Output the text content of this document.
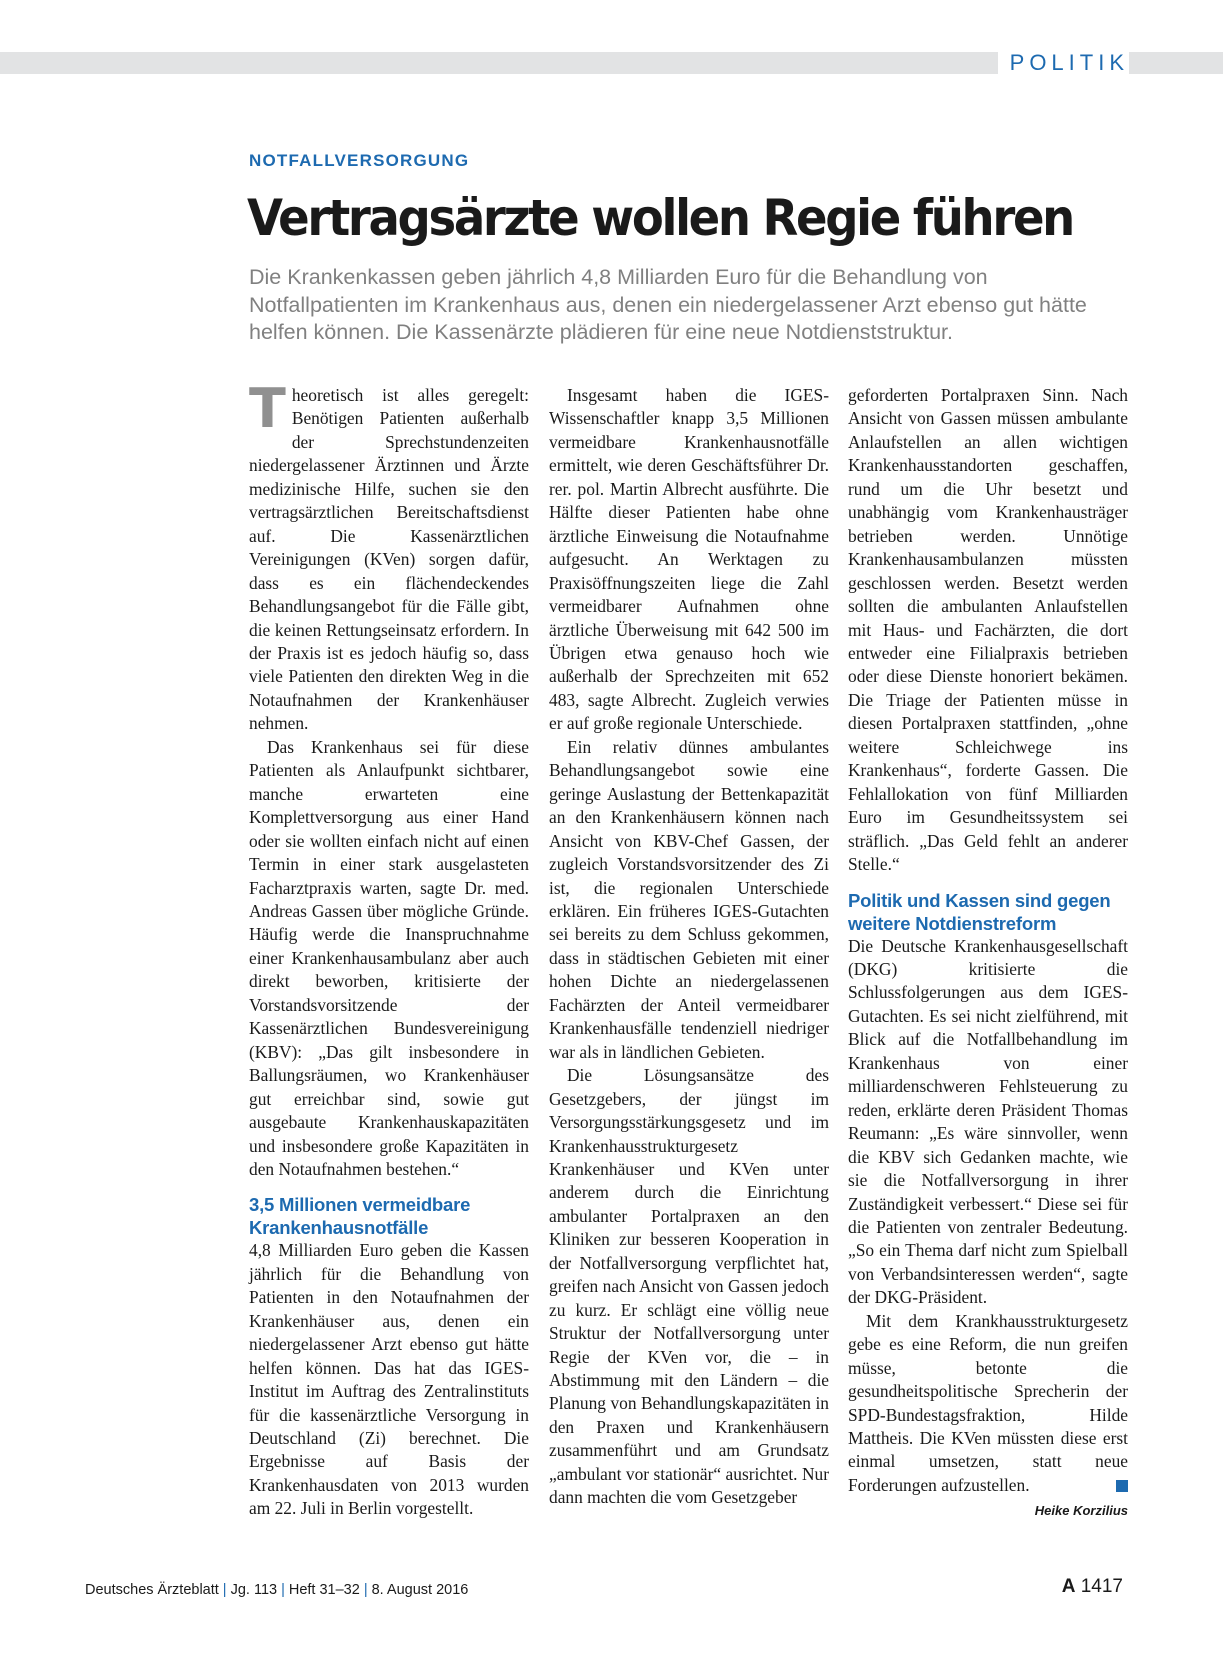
POLITIK
NOTFALLVERSORGUNG
Vertragsärzte wollen Regie führen
Die Krankenkassen geben jährlich 4,8 Milliarden Euro für die Behandlung von Notfallpatienten im Krankenhaus aus, denen ein niedergelassener Arzt ebenso gut hätte helfen können. Die Kassenärzte plädieren für eine neue Notdienststruktur.

Theoretisch ist alles geregelt: Benötigen Patienten außerhalb der Sprechstundenzeiten niedergelassener Ärztinnen und Ärzte medizinische Hilfe, suchen sie den vertragsärztlichen Bereitschaftsdienst auf. Die Kassenärztlichen Vereinigungen (KVen) sorgen dafür, dass es ein flächendeckendes Behandlungsangebot für die Fälle gibt, die keinen Rettungseinsatz erfordern. In der Praxis ist es jedoch häufig so, dass viele Patienten den direkten Weg in die Notaufnahmen der Krankenhäuser nehmen.

Das Krankenhaus sei für diese Patienten als Anlaufpunkt sichtbarer, manche erwarteten eine Komplettversorgung aus einer Hand oder sie wollten einfach nicht auf einen Termin in einer stark ausgelasteten Facharztpraxis warten, sagte Dr. med. Andreas Gassen über mögliche Gründe. Häufig werde die Inanspruchnahme einer Krankenhausambulanz aber auch direkt beworben, kritisierte der Vorstandsvorsitzende der Kassenärztlichen Bundesvereinigung (KBV): „Das gilt insbesondere in Ballungsräumen, wo Krankenhäuser gut erreichbar sind, sowie gut ausgebaute Krankenhauskapazitäten und insbesondere große Kapazitäten in den Notaufnahmen bestehen.“

3,5 Millionen vermeidbare Krankenhausnotfälle

4,8 Milliarden Euro geben die Kassen jährlich für die Behandlung von Patienten in den Notaufnahmen der Krankenhäuser aus, denen ein niedergelassener Arzt ebenso gut hätte helfen können. Das hat das IGES-Institut im Auftrag des Zentralinstituts für die kassenärztliche Versorgung in Deutschland (Zi) berechnet. Die Ergebnisse auf Basis der Krankenhausdaten von 2013 wurden am 22. Juli in Berlin vorgestellt.

Insgesamt haben die IGES-Wissenschaftler knapp 3,5 Millionen vermeidbare Krankenhausnotfälle ermittelt, wie deren Geschäftsführer Dr. rer. pol. Martin Albrecht ausführte. Die Hälfte dieser Patienten habe ohne ärztliche Einweisung die Notaufnahme aufgesucht. An Werktagen zu Praxisöffnungszeiten liege die Zahl vermeidbarer Aufnahmen ohne ärztliche Überweisung mit 642 500 im Übrigen etwa genauso hoch wie außerhalb der Sprechzeiten mit 652 483, sagte Albrecht. Zugleich verwies er auf große regionale Unterschiede.

Ein relativ dünnes ambulantes Behandlungsangebot sowie eine geringe Auslastung der Bettenkapazität an den Krankenhäusern können nach Ansicht von KBV-Chef Gassen, der zugleich Vorstandsvorsitzender des Zi ist, die regionalen Unterschiede erklären. Ein früheres IGES-Gutachten sei bereits zu dem Schluss gekommen, dass in städtischen Gebieten mit einer hohen Dichte an niedergelassenen Fachärzten der Anteil vermeidbarer Krankenhausfälle tendenziell niedriger war als in ländlichen Gebieten.

Die Lösungsansätze des Gesetzgebers, der jüngst im Versorgungsstärkungsgesetz und im Krankenhausstrukturgesetz Krankenhäuser und KVen unter anderem durch die Einrichtung ambulanter Portalpraxen an den Kliniken zur besseren Kooperation in der Notfallversorgung verpflichtet hat, greifen nach Ansicht von Gassen jedoch zu kurz. Er schlägt eine völlig neue Struktur der Notfallversorgung unter Regie der KVen vor, die – in Abstimmung mit den Ländern – die Planung von Behandlungskapazitäten in den Praxen und Krankenhäusern zusammenführt und am Grundsatz „ambulant vor stationär“ ausrichtet. Nur dann machten die vom Gesetzgeber

geforderten Portalpraxen Sinn. Nach Ansicht von Gassen müssen ambulante Anlaufstellen an allen wichtigen Krankenhausstandorten geschaffen, rund um die Uhr besetzt und unabhängig vom Krankenhausträger betrieben werden. Unnötige Krankenhausambulanzen müssten geschlossen werden. Besetzt werden sollten die ambulanten Anlaufstellen mit Haus- und Fachärzten, die dort entweder eine Filialpraxis betrieben oder diese Dienste honoriert bekämen. Die Triage der Patienten müsse in diesen Portalpraxen stattfinden, „ohne weitere Schleichwege ins Krankenhaus“, forderte Gassen. Die Fehlallokation von fünf Milliarden Euro im Gesundheitssystem sei sträflich. „Das Geld fehlt an anderer Stelle.“

Politik und Kassen sind gegen weitere Notdienstreform

Die Deutsche Krankenhausgesellschaft (DKG) kritisierte die Schlussfolgerungen aus dem IGES-Gutachten. Es sei nicht zielführend, mit Blick auf die Notfallbehandlung im Krankenhaus von einer milliardenschweren Fehlsteuerung zu reden, erklärte deren Präsident Thomas Reumann: „Es wäre sinnvoller, wenn die KBV sich Gedanken machte, wie sie die Notfallversorgung in ihrer Zuständigkeit verbessert.“ Diese sei für die Patienten von zentraler Bedeutung. „So ein Thema darf nicht zum Spielball von Verbandsinteressen werden“, sagte der DKG-Präsident.

Mit dem Krankhausstrukturgesetz gebe es eine Reform, die nun greifen müsse, betonte die gesundheitspolitische Sprecherin der SPD-Bundestagsfraktion, Hilde Mattheis. Die KVen müssten diese erst einmal umsetzen, statt neue Forderungen aufzustellen.

Heike Korzilius
Deutsches Ärzteblatt | Jg. 113 | Heft 31–32 | 8. August 2016	A 1417
